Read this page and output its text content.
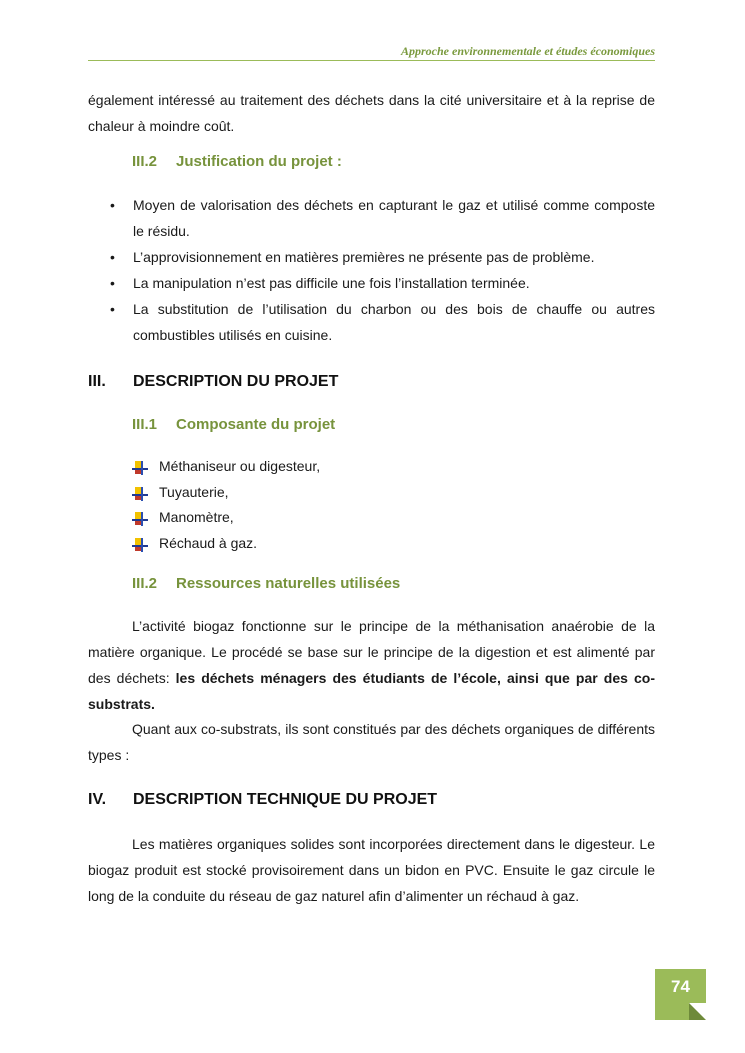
Approche environnementale et études économiques
également intéressé au traitement des déchets dans la cité universitaire et à la reprise de chaleur à moindre coût.
III.2 Justification du projet :
• Moyen de valorisation des déchets en capturant le gaz et utilisé comme composte le résidu.
• L’approvisionnement en matières premières ne présente pas de problème.
• La manipulation n’est pas difficile une fois l’installation terminée.
• La substitution de l’utilisation du charbon ou des bois de chauffe ou autres combustibles utilisés en cuisine.
III. DESCRIPTION DU PROJET
III.1 Composante du projet
Méthaniseur ou digesteur,
Tuyauterie,
Manomètre,
Réchaud à gaz.
III.2 Ressources naturelles utilisées
L’activité biogaz fonctionne sur le principe de la méthanisation anaérobie de la matière organique. Le procédé se base sur le principe de la digestion et est alimenté par des déchets: les déchets ménagers des étudiants de l’école, ainsi que par des co-substrats.
Quant aux co-substrats, ils sont constitués par des déchets organiques de différents types :
IV. DESCRIPTION TECHNIQUE DU PROJET
Les matières organiques solides sont incorporées directement dans le digesteur. Le biogaz produit est stocké provisoirement dans un bidon en PVC. Ensuite le gaz circule le long de la conduite du réseau de gaz naturel afin d’alimenter un réchaud à gaz.
74
